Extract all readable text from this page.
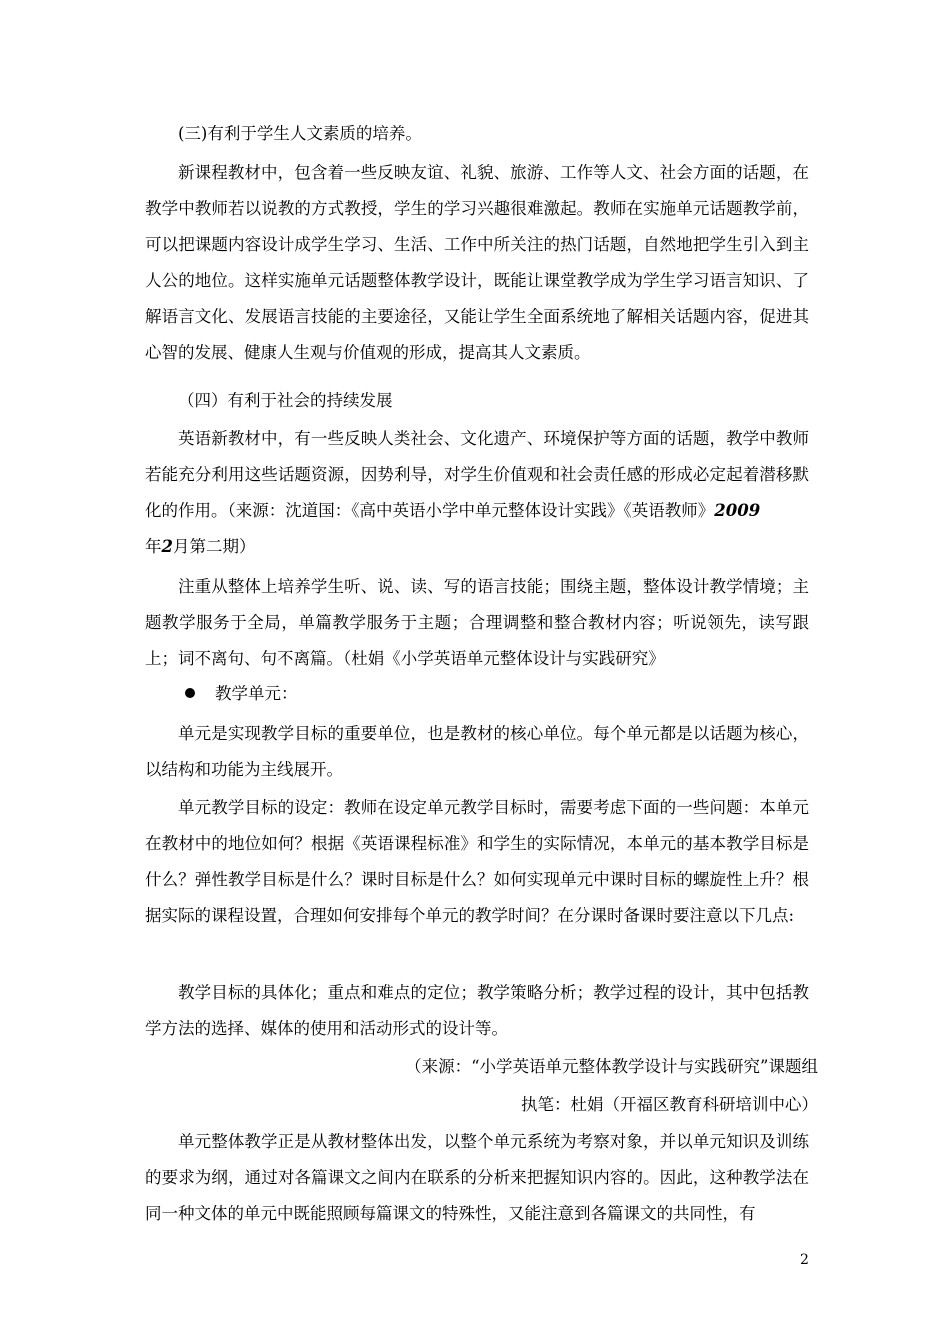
(三)有利于学生人文素质的培养。

新课程教材中，包含着一些反映友谊、礼貌、旅游、工作等人文、社会方面的话题，在教学中教师若以说教的方式教授，学生的学习兴趣很难激起。教师在实施单元话题教学前，可以把课题内容设计成学生学习、生活、工作中所关注的热门话题，自然地把学生引入到主人公的地位。这样实施单元话题整体教学设计，既能让课堂教学成为学生学习语言知识、了解语言文化、发展语言技能的主要途径，又能让学生全面系统地了解相关话题内容，促进其心智的发展、健康人生观与价值观的形成，提高其人文素质。

（四）有利于社会的持续发展

英语新教材中，有一些反映人类社会、文化遗产、环境保护等方面的话题，教学中教师若能充分利用这些话题资源，因势利导，对学生价值观和社会责任感的形成必定起着潜移默化的作用。（来源：沈道国：《高中英语小学中单元整体设计实践》《英语教师》2009
年2月第二期）

注重从整体上培养学生听、说、读、写的语言技能；围绕主题，整体设计教学情境；主题教学服务于全局，单篇教学服务于主题；合理调整和整合教材内容；听说领先，读写跟上；词不离句、句不离篇。（杜娟《小学英语单元整体设计与实践研究》

教学单元：

单元是实现教学目标的重要单位，也是教材的核心单位。每个单元都是以话题为核心，以结构和功能为主线展开。

单元教学目标的设定：教师在设定单元教学目标时，需要考虑下面的一些问题：本单元在教材中的地位如何？根据《英语课程标准》和学生的实际情况，本单元的基本教学目标是什么？弹性教学目标是什么？课时目标是什么？如何实现单元中课时目标的螺旋性上升？根据实际的课程设置，合理如何安排每个单元的教学时间？在分课时备课时要注意以下几点:

教学目标的具体化；重点和难点的定位；教学策略分析；教学过程的设计，其中包括教学方法的选择、媒体的使用和活动形式的设计等。

（来源：“小学英语单元整体教学设计与实践研究”课题组
执笔：杜娟（开福区教育科研培训中心）

单元整体教学正是从教材整体出发，以整个单元系统为考察对象，并以单元知识及训练的要求为纲，通过对各篇课文之间内在联系的分析来把握知识内容的。因此，这种教学法在同一种文体的单元中既能照顾每篇课文的特殊性，又能注意到各篇课文的共同性，有

2
